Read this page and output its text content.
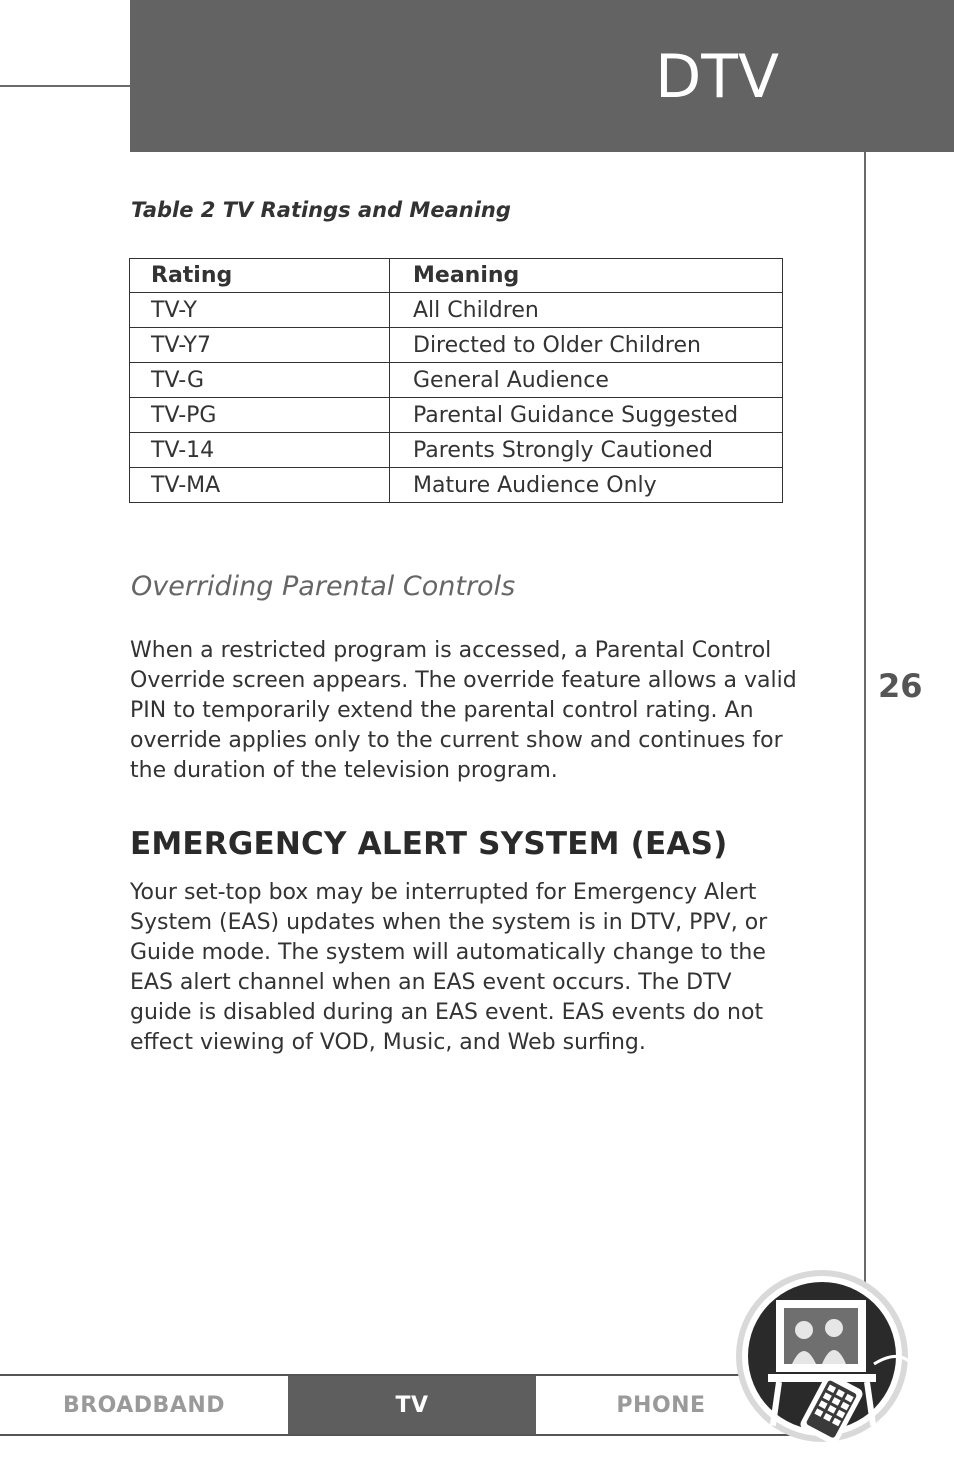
DTV
26
Table 2 TV Ratings and Meaning
Rating	Meaning
TV-Y	All Children
TV-Y7	Directed to Older Children
TV-G	General Audience
TV-PG	Parental Guidance Suggested
TV-14	Parents Strongly Cautioned
TV-MA	Mature Audience Only
Overriding Parental Controls
When a restricted program is accessed, a Parental Control
Override screen appears. The override feature allows a valid
PIN to temporarily extend the parental control rating. An
override applies only to the current show and continues for
the duration of the television program.
EMERGENCY ALERT SYSTEM (EAS)
Your set-top box may be interrupted for Emergency Alert
System (EAS) updates when the system is in DTV, PPV, or
Guide mode. The system will automatically change to the
EAS alert channel when an EAS event occurs. The DTV
guide is disabled during an EAS event. EAS events do not
effect viewing of VOD, Music, and Web surfing.
BROADBAND	TV	PHONE
